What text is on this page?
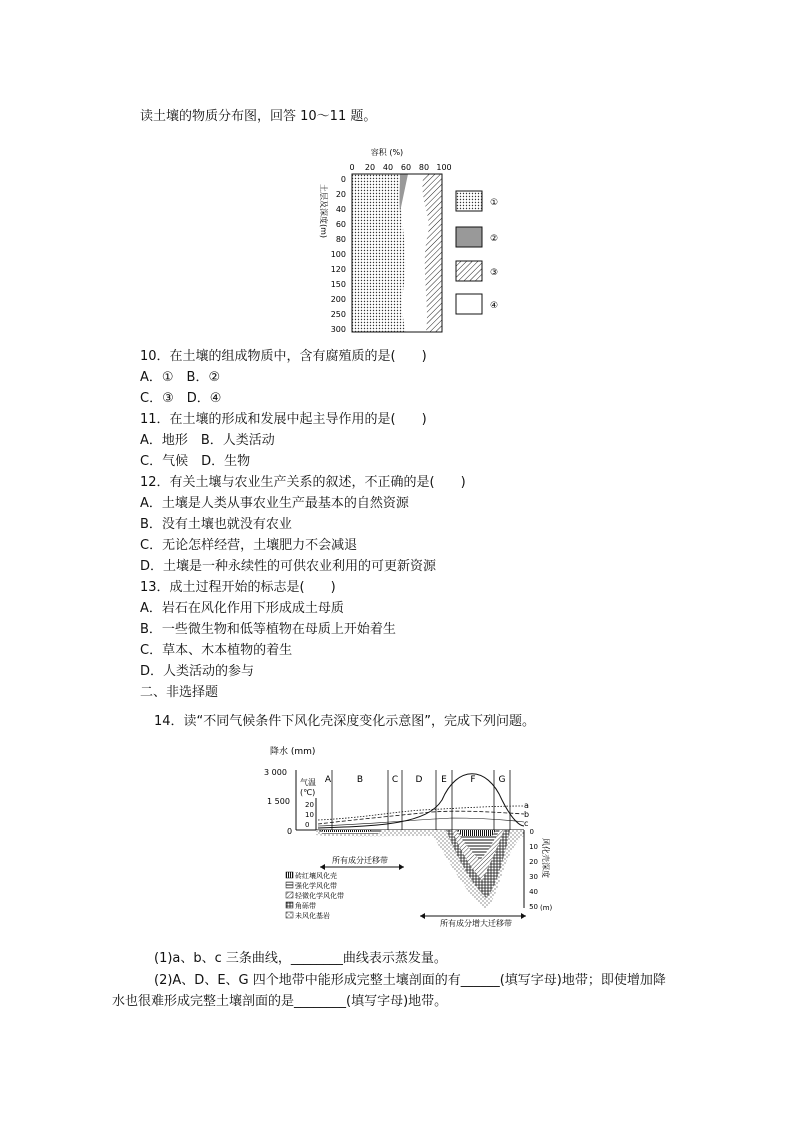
读土壤的物质分布图，回答 10～11 题。
容积 (%)
0 20 40 60 80 100
0
20
40
60
80
100
120
150
200
250
300
土层及深度(m)	①
②
③
④
10．在土壤的组成物质中，含有腐殖质的是(　　)
A．①　B．②
C．③　D．④
11．在土壤的形成和发展中起主导作用的是(　　)
A．地形　B．人类活动
C．气候　D．生物
12．有关土壤与农业生产关系的叙述，不正确的是(　　)
A．土壤是人类从事农业生产最基本的自然资源
B．没有土壤也就没有农业
C．无论怎样经营，土壤肥力不会减退
D．土壤是一种永续性的可供农业利用的可更新资源
13．成土过程开始的标志是(　　)
A．岩石在风化作用下形成成土母质
B．一些微生物和低等植物在母质上开始着生
C．草本、木本植物的着生
D．人类活动的参与
二、非选择题
14．读“不同气候条件下风化壳深度变化示意图”，完成下列问题。
降水 (mm)
3 000
1 500
0
气温
(℃)
20
10
0
A	B	C D E	F	G
a
b
c
0
10
20
30
40
50
风化壳深度
(m)
所有成分迁移带
所有成分增大迁移带
砖红壤风化壳
强化学风化带
轻微化学风化带
角砾带
未风化基岩
(1)a、b、c 三条曲线，________曲线表示蒸发量。
(2)A、D、E、G 四个地带中能形成完整土壤剖面的有______(填写字母)地带；即使增加降
水也很难形成完整土壤剖面的是________(填写字母)地带。
